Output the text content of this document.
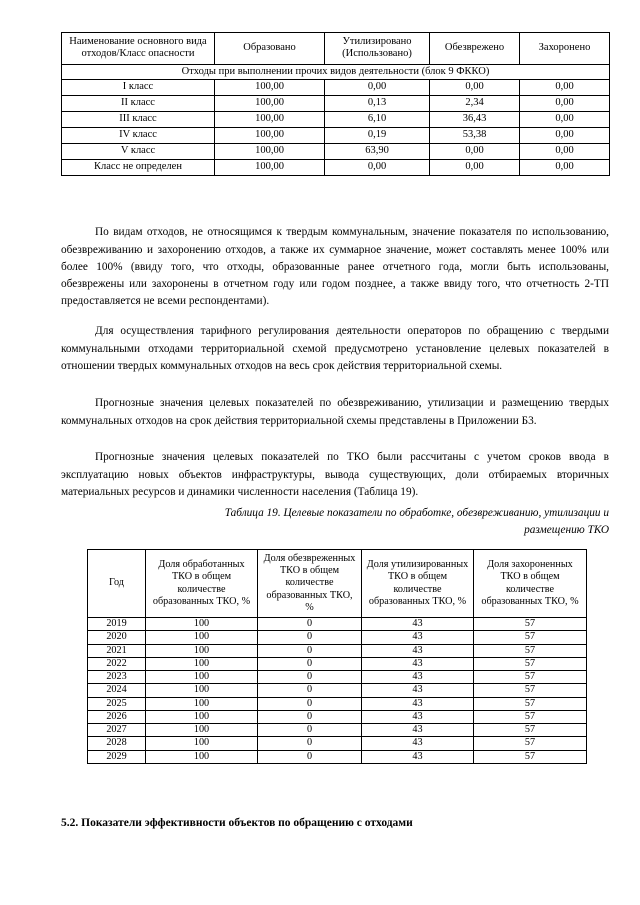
Наименование основного вида отходов/Класс опасности	Образовано	Утилизировано (Использовано)	Обезврежено	Захоронено
Отходы при выполнении прочих видов деятельности (блок 9 ФККО)				
I класс	100,00	0,00	0,00	0,00
II класс	100,00	0,13	2,34	0,00
III класс	100,00	6,10	36,43	0,00
IV класс	100,00	0,19	53,38	0,00
V класс	100,00	63,90	0,00	0,00
Класс не определен	100,00	0,00	0,00	0,00

По видам отходов, не относящимся к твердым коммунальным, значение показателя по использованию, обезвреживанию и захоронению отходов, а также их суммарное значение, может составлять менее 100% или более 100% (ввиду того, что отходы, образованные ранее отчетного года, могли быть использованы, обезврежены или захоронены в отчетном году или годом позднее, а также ввиду того, что отчетность 2-ТП предоставляется не всеми респондентами).

Для осуществления тарифного регулирования деятельности операторов по обращению с твердыми коммунальными отходами территориальной схемой предусмотрено установление целевых показателей в отношении твердых коммунальных отходов на весь срок действия территориальной схемы.

Прогнозные значения целевых показателей по обезвреживанию, утилизации и размещению твердых коммунальных отходов на срок действия территориальной схемы представлены в Приложении Б3.

Прогнозные значения целевых показателей по ТКО были рассчитаны с учетом сроков ввода в эксплуатацию новых объектов инфраструктуры, вывода существующих, доли отбираемых вторичных материальных ресурсов и динамики численности населения (Таблица 19).

Таблица 19. Целевые показатели по обработке, обезвреживанию, утилизации и
размещению ТКО
Год	Доля обработанных ТКО в общем количестве образованных ТКО, %	Доля обезвреженных ТКО в общем количестве образованных ТКО, %	Доля утилизированных ТКО в общем количестве образованных ТКО, %	Доля захороненных ТКО в общем количестве образованных ТКО, %
2019	100	0	43	57
2020	100	0	43	57
2021	100	0	43	57
2022	100	0	43	57
2023	100	0	43	57
2024	100	0	43	57
2025	100	0	43	57
2026	100	0	43	57
2027	100	0	43	57
2028	100	0	43	57
2029	100	0	43	57
5.2. Показатели эффективности объектов по обращению с отходами
